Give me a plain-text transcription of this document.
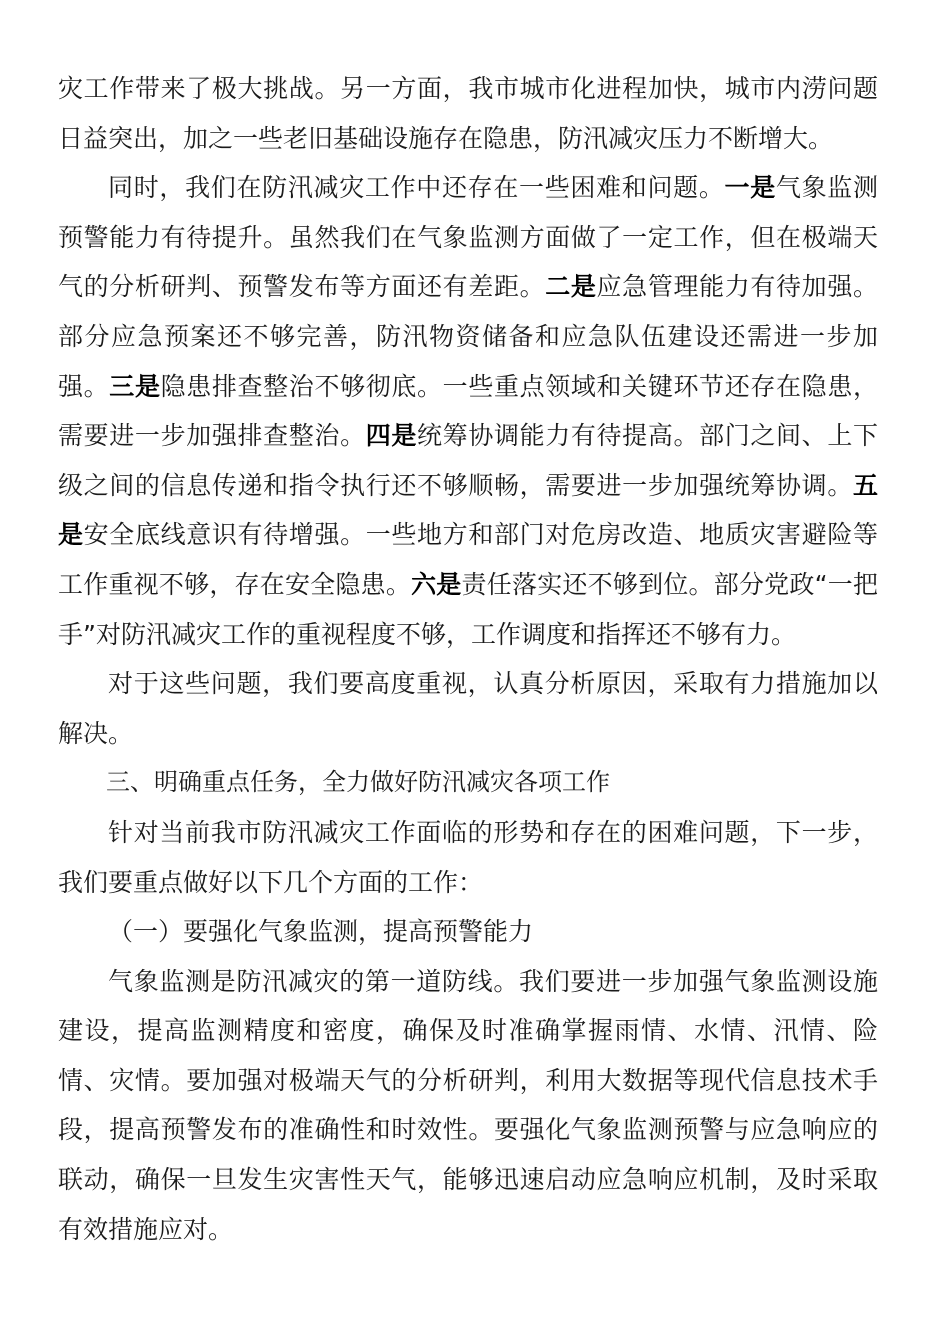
灾工作带来了极大挑战。另一方面，我市城市化进程加快，城市内涝问题日益突出，加之一些老旧基础设施存在隐患，防汛减灾压力不断增大。

同时，我们在防汛减灾工作中还存在一些困难和问题。一是气象监测预警能力有待提升。虽然我们在气象监测方面做了一定工作，但在极端天气的分析研判、预警发布等方面还有差距。二是应急管理能力有待加强。部分应急预案还不够完善，防汛物资储备和应急队伍建设还需进一步加强。三是隐患排查整治不够彻底。一些重点领域和关键环节还存在隐患，需要进一步加强排查整治。四是统筹协调能力有待提高。部门之间、上下级之间的信息传递和指令执行还不够顺畅，需要进一步加强统筹协调。五是安全底线意识有待增强。一些地方和部门对危房改造、地质灾害避险等工作重视不够，存在安全隐患。六是责任落实还不够到位。部分党政“一把手”对防汛减灾工作的重视程度不够，工作调度和指挥还不够有力。

对于这些问题，我们要高度重视，认真分析原因，采取有力措施加以解决。

三、明确重点任务，全力做好防汛减灾各项工作

针对当前我市防汛减灾工作面临的形势和存在的困难问题，下一步，我们要重点做好以下几个方面的工作：

（一）要强化气象监测，提高预警能力

气象监测是防汛减灾的第一道防线。我们要进一步加强气象监测设施建设，提高监测精度和密度，确保及时准确掌握雨情、水情、汛情、险情、灾情。要加强对极端天气的分析研判，利用大数据等现代信息技术手段，提高预警发布的准确性和时效性。要强化气象监测预警与应急响应的联动，确保一旦发生灾害性天气，能够迅速启动应急响应机制，及时采取有效措施应对。
